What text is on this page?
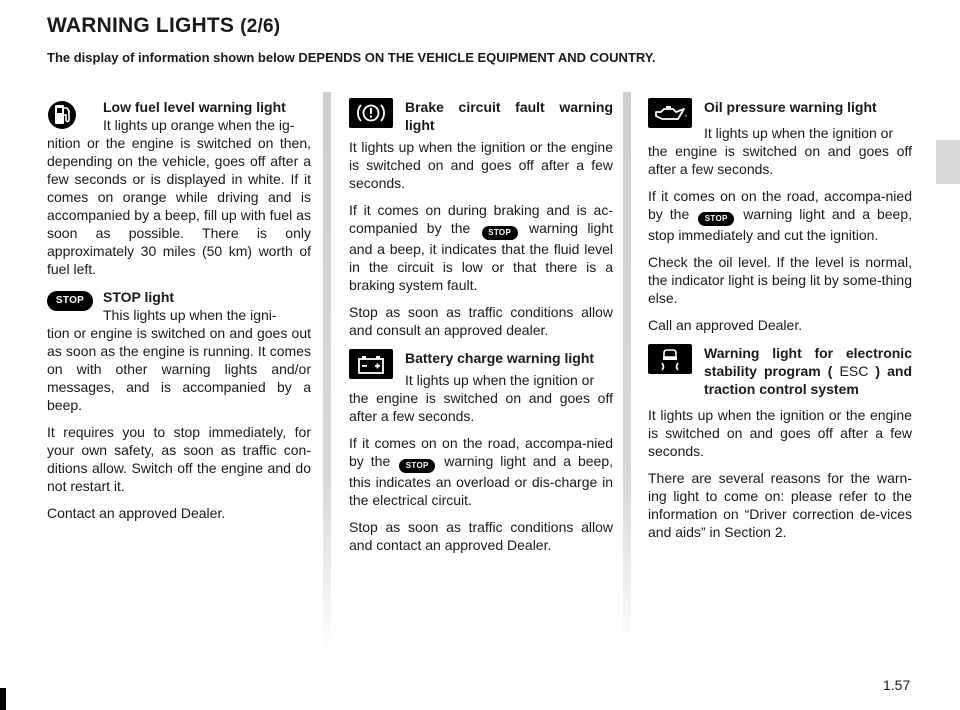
WARNING LIGHTS (2/6)
The display of information shown below DEPENDS ON THE VEHICLE EQUIPMENT AND COUNTRY.
Low fuel level warning light
It lights up orange when the ig-
nition or the engine is switched on then, depending on the vehicle, goes off after a few seconds or is displayed in white. If it comes on orange while driving and is accompanied by a beep, fill up with fuel as soon as possible. There is only approximately 30 miles (50 km) worth of fuel left.
STOP	STOP light
This lights up when the igni-

tion or engine is switched on and goes out as soon as the engine is running. It comes on with other warning lights and/or messages, and is accompanied by a beep.

It requires you to stop immediately, for your own safety, as soon as traffic con-ditions allow. Switch off the engine and do not restart it.

Contact an approved Dealer.

Brake circuit fault warning light

It lights up when the ignition or the engine is switched on and goes off after a few seconds.

If it comes on during braking and is ac-companied by the STOP warning light and a beep, it indicates that the fluid level in the circuit is low or that there is a braking system fault.

Stop as soon as traffic conditions allow and consult an approved dealer.

Battery charge warning light
It lights up when the ignition or

the engine is switched on and goes off after a few seconds.

If it comes on on the road, accompa-nied by the STOP warning light and a beep, this indicates an overload or dis-charge in the electrical circuit.

Stop as soon as traffic conditions allow and contact an approved Dealer.

Oil pressure warning light
It lights up when the ignition or

the engine is switched on and goes off after a few seconds.

If it comes on on the road, accompa-nied by the STOP warning light and a beep, stop immediately and cut the ignition.

Check the oil level. If the level is normal, the indicator light is being lit by some-thing else.

Call an approved Dealer.

Warning light for electronic stability program ( ESC ) and traction control system

It lights up when the ignition or the engine is switched on and goes off after a few seconds.

There are several reasons for the warn-ing light to come on: please refer to the information on “Driver correction de-vices and aids” in Section 2.

1.57
